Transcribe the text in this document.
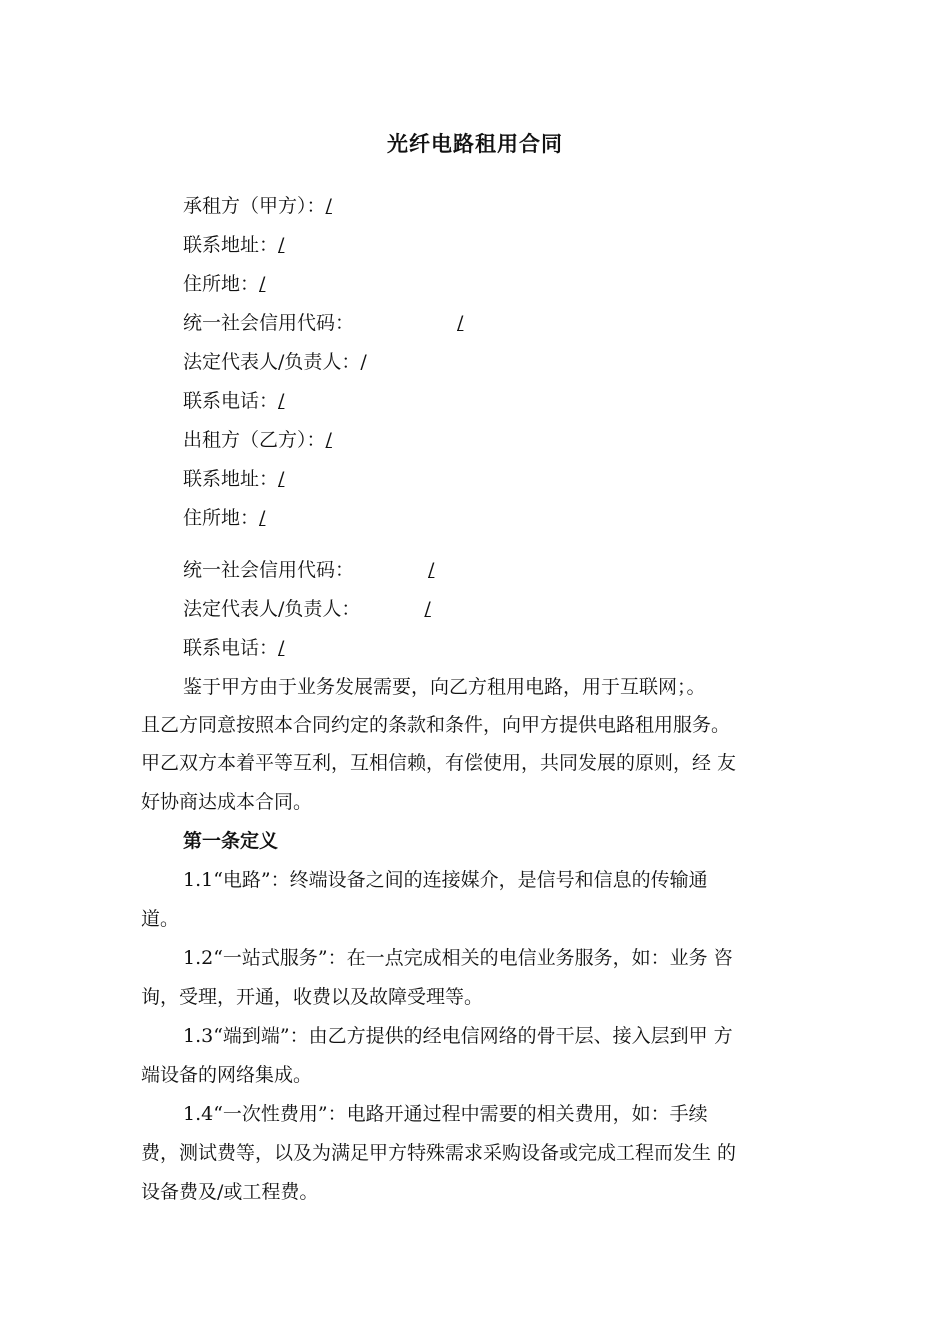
光纤电路租用合同
承租方（甲方）：/
联系地址：/
住所地：/
统一社会信用代码：	/
法定代表人/负责人：/
联系电话：/
出租方（乙方）：/
联系地址：/
住所地：/
统一社会信用代码：	/
法定代表人/负责人：	/
联系电话：/
鉴于甲方由于业务发展需要，向乙方租用电路，用于互联网；。
且乙方同意按照本合同约定的条款和条件，向甲方提供电路租用服务。
甲乙双方本着平等互利，互相信赖，有偿使用，共同发展的原则，经 友
好协商达成本合同。
第一条定义
1.1“电路”：终端设备之间的连接媒介，是信号和信息的传输通
道。
1.2“一站式服务”：在一点完成相关的电信业务服务，如：业务 咨
询，受理，开通，收费以及故障受理等。
1.3“端到端”：由乙方提供的经电信网络的骨干层、接入层到甲 方
端设备的网络集成。
1.4“一次性费用”：电路开通过程中需要的相关费用，如：手续
费，测试费等，以及为满足甲方特殊需求采购设备或完成工程而发生 的
设备费及/或工程费。
